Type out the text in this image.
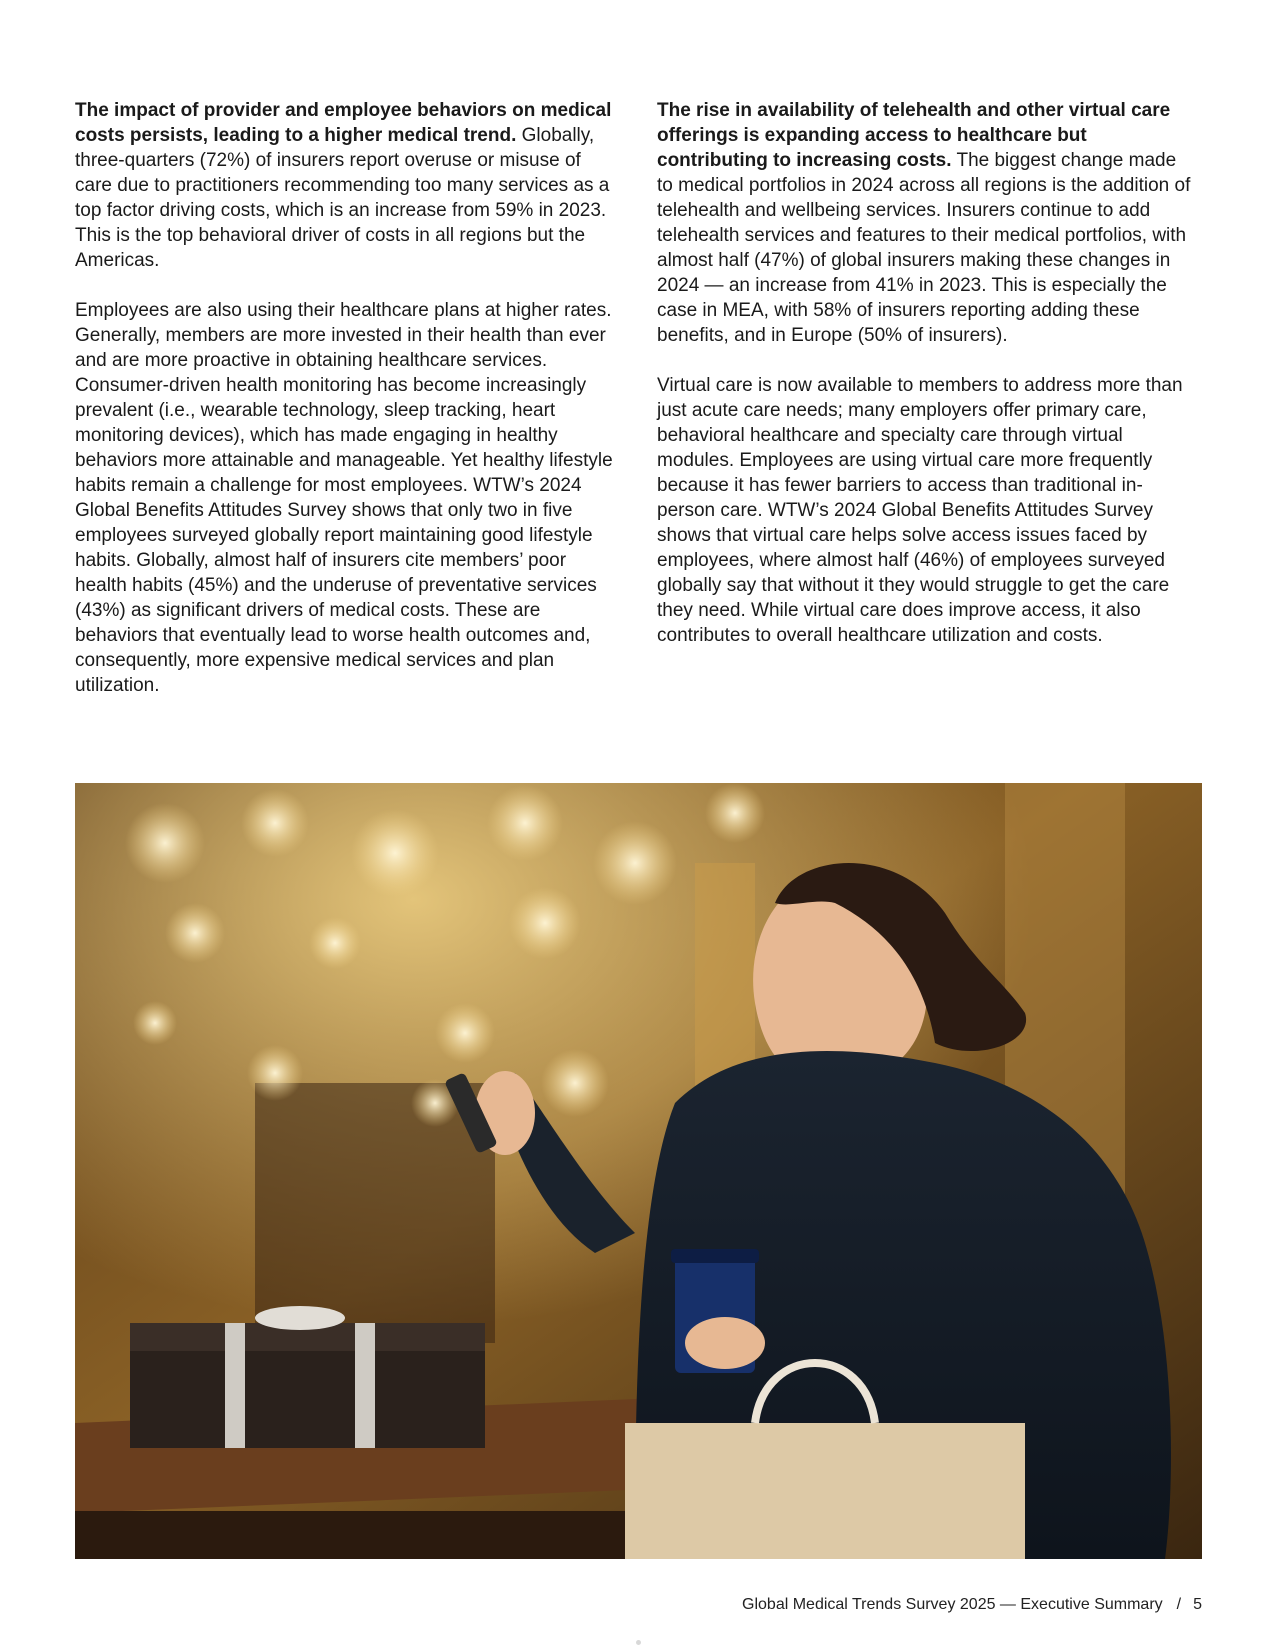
The impact of provider and employee behaviors on medical costs persists, leading to a higher medical trend. Globally, three-quarters (72%) of insurers report overuse or misuse of care due to practitioners recommending too many services as a top factor driving costs, which is an increase from 59% in 2023. This is the top behavioral driver of costs in all regions but the Americas.

Employees are also using their healthcare plans at higher rates. Generally, members are more invested in their health than ever and are more proactive in obtaining healthcare services. Consumer-driven health monitoring has become increasingly prevalent (i.e., wearable technology, sleep tracking, heart monitoring devices), which has made engaging in healthy behaviors more attainable and manageable. Yet healthy lifestyle habits remain a challenge for most employees. WTW’s 2024 Global Benefits Attitudes Survey shows that only two in five employees surveyed globally report maintaining good lifestyle habits. Globally, almost half of insurers cite members’ poor health habits (45%) and the underuse of preventative services (43%) as significant drivers of medical costs. These are behaviors that eventually lead to worse health outcomes and, consequently, more expensive medical services and plan utilization.

The rise in availability of telehealth and other virtual care offerings is expanding access to healthcare but contributing to increasing costs. The biggest change made to medical portfolios in 2024 across all regions is the addition of telehealth and wellbeing services. Insurers continue to add telehealth services and features to their medical portfolios, with almost half (47%) of global insurers making these changes in 2024 — an increase from 41% in 2023. This is especially the case in MEA, with 58% of insurers reporting adding these benefits, and in Europe (50% of insurers).

Virtual care is now available to members to address more than just acute care needs; many employers offer primary care, behavioral healthcare and specialty care through virtual modules. Employees are using virtual care more frequently because it has fewer barriers to access than traditional in-person care. WTW’s 2024 Global Benefits Attitudes Survey shows that virtual care helps solve access issues faced by employees, where almost half (46%) of employees surveyed globally say that without it they would struggle to get the care they need. While virtual care does improve access, it also contributes to overall healthcare utilization and costs.

Global Medical Trends Survey 2025 — Executive Summary / 5
